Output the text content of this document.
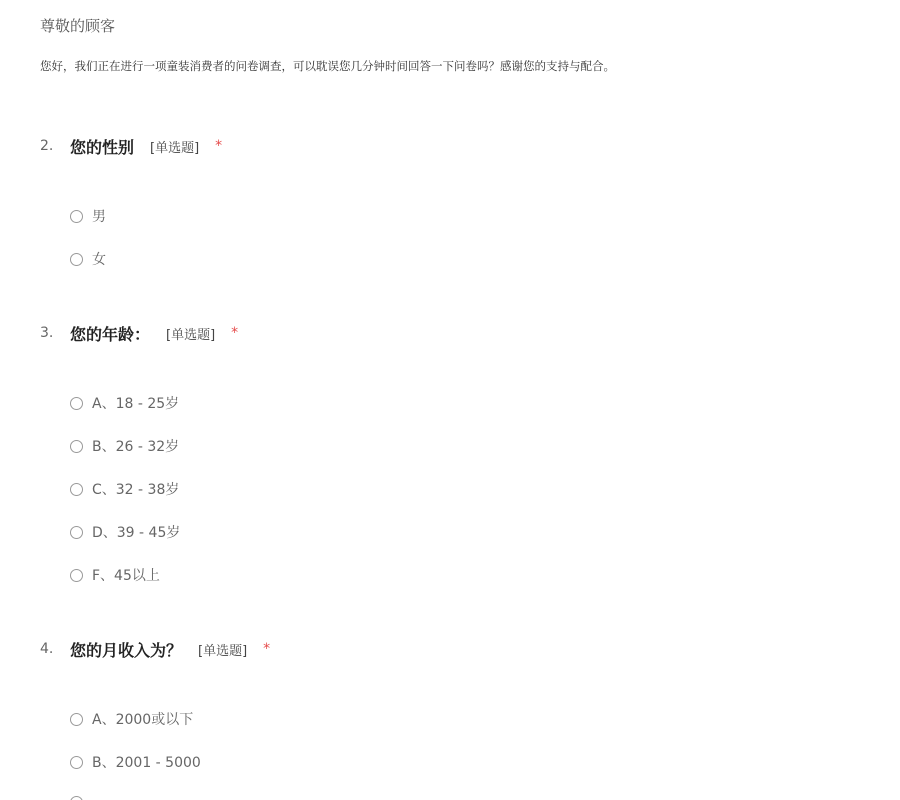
尊敬的顾客
您好，我们正在进行一项童装消费者的问卷调查，可以耽误您几分钟时间回答一下问卷吗？感谢您的支持与配合。
2.	您的性别 [单选题] *
男
女
3.	您的年龄： [单选题] *
A、18 - 25岁
B、26 - 32岁
C、32 - 38岁
D、39 - 45岁
F、45以上
4.	您的月收入为？ [单选题] *
A、2000或以下
B、2001 - 5000
